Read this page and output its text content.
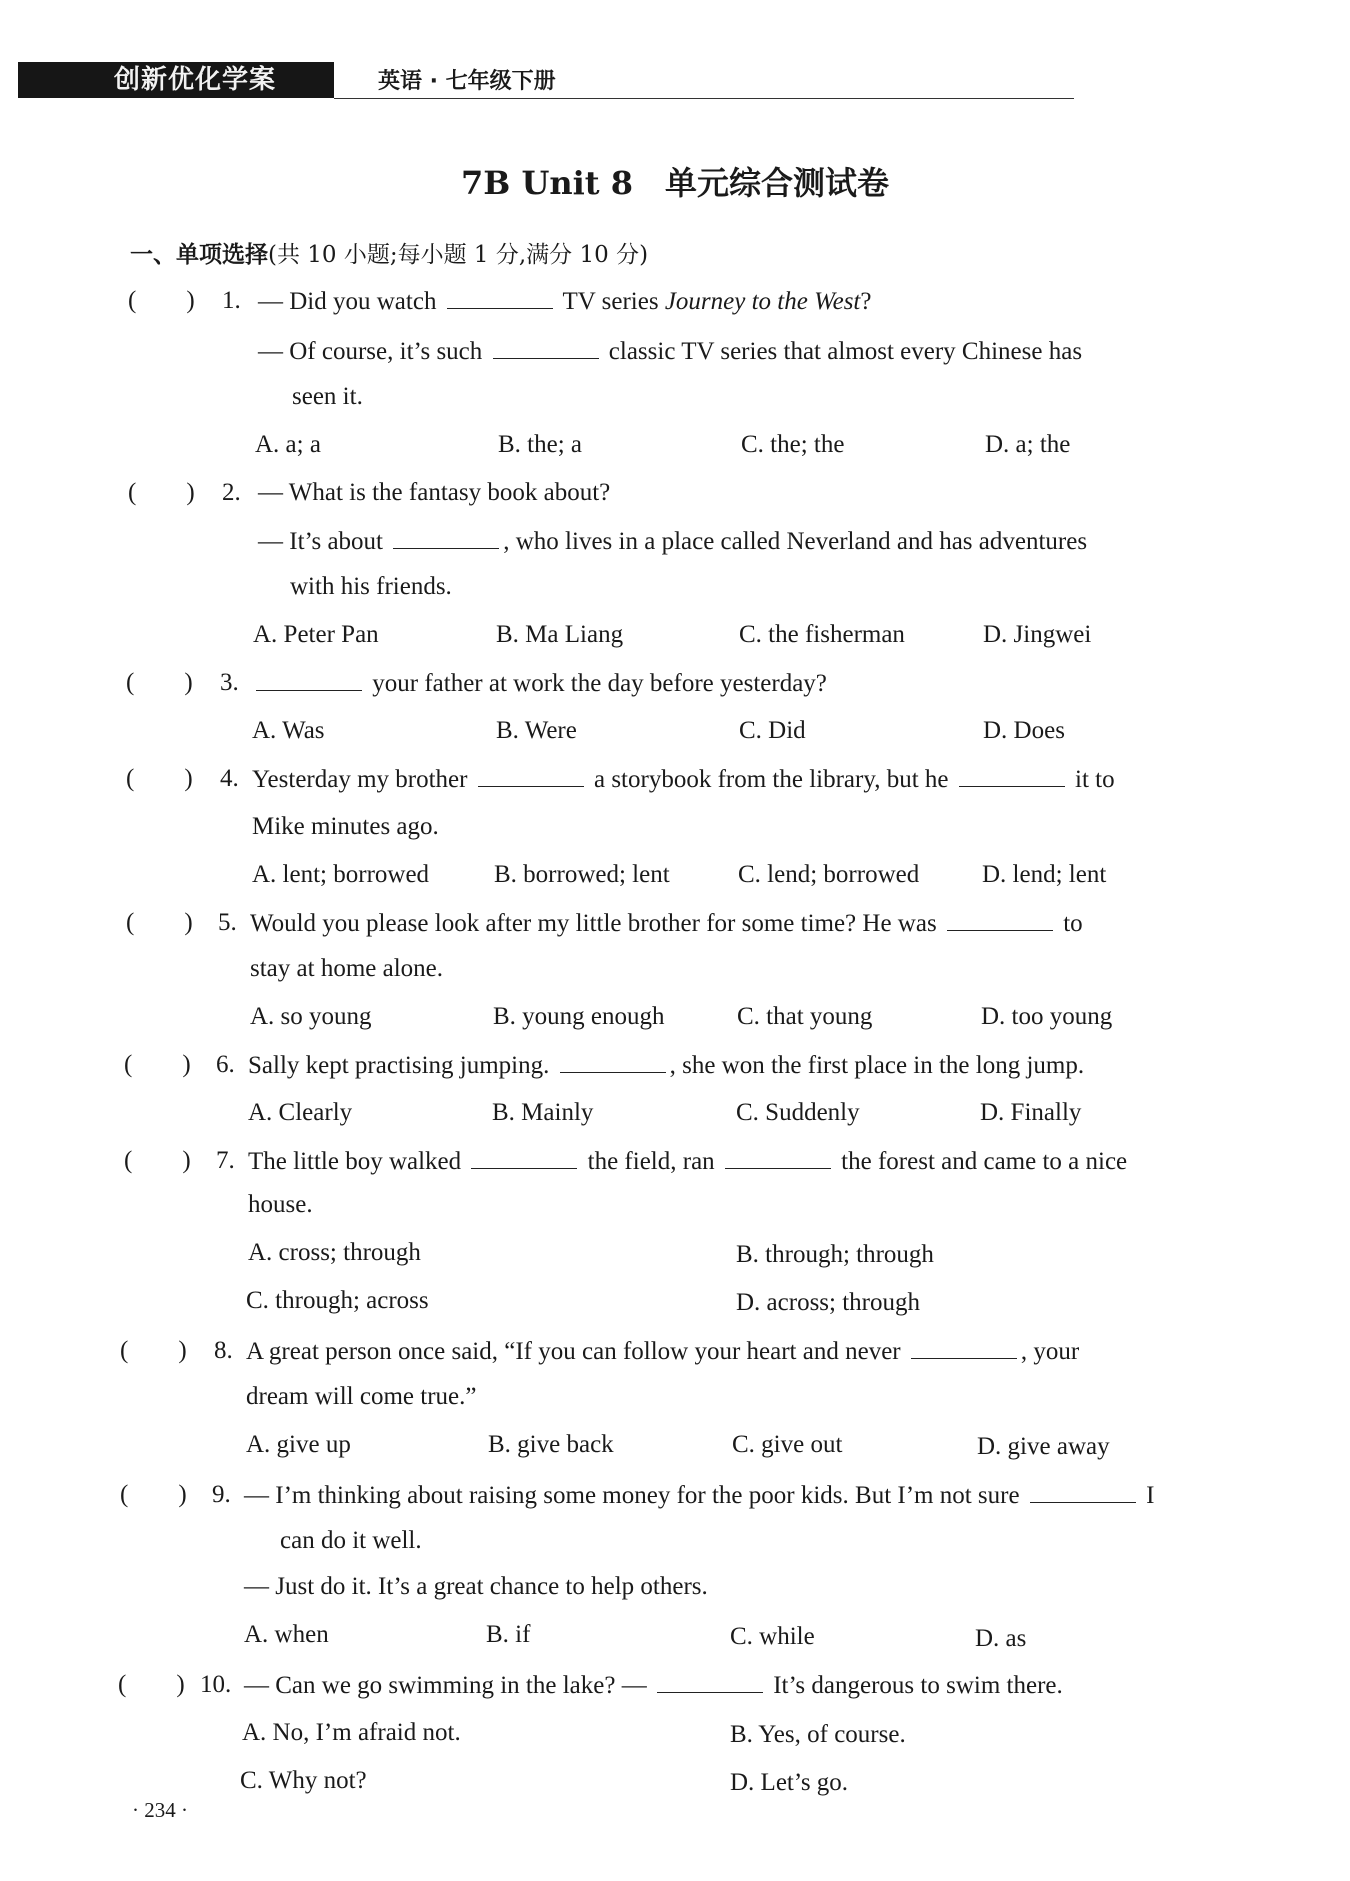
创新优化学案	英语 · 七年级下册
7B Unit 8　单元综合测试卷
一、单项选择(共 10 小题;每小题 1 分,满分 10 分)
(　　) 1. — Did you watch	TV series Journey to the West?
— Of course, it’s such	classic TV series that almost every Chinese has
seen it.
A. a; a	B. the; a	C. the; the	D. a; the
(　　) 2. — What is the fantasy book about?
— It’s about	, who lives in a place called Neverland and has adventures
with his friends.
A. Peter Pan	B. Ma Liang	C. the fisherman	D. Jingwei
(　　) 3.	your father at work the day before yesterday?
A. Was	B. Were	C. Did	D. Does
(　　) 4. Yesterday my brother	a storybook from the library, but he	it to
Mike minutes ago.
A. lent; borrowed	B. borrowed; lent	C. lend; borrowed	D. lend; lent
(　　) 5. Would you please look after my little brother for some time? He was	to
stay at home alone.
A. so young	B. young enough	C. that young	D. too young
(　　) 6. Sally kept practising jumping.	, she won the first place in the long jump.
A. Clearly	B. Mainly	C. Suddenly	D. Finally
(　　) 7. The little boy walked	the field, ran	the forest and came to a nice
house.
A. cross; through	B. through; through
C. through; across	D. across; through
(　　) 8. A great person once said, “If you can follow your heart and never	, your
dream will come true.”
A. give up	B. give back	C. give out	D. give away
(　　) 9. — I’m thinking about raising some money for the poor kids. But I’m not sure	I
can do it well.
— Just do it. It’s a great chance to help others.
A. when	B. if	C. while	D. as
(　　) 10. — Can we go swimming in the lake? —	It’s dangerous to swim there.
A. No, I’m afraid not.	B. Yes, of course.
C. Why not?	D. Let’s go.
· 234 ·
